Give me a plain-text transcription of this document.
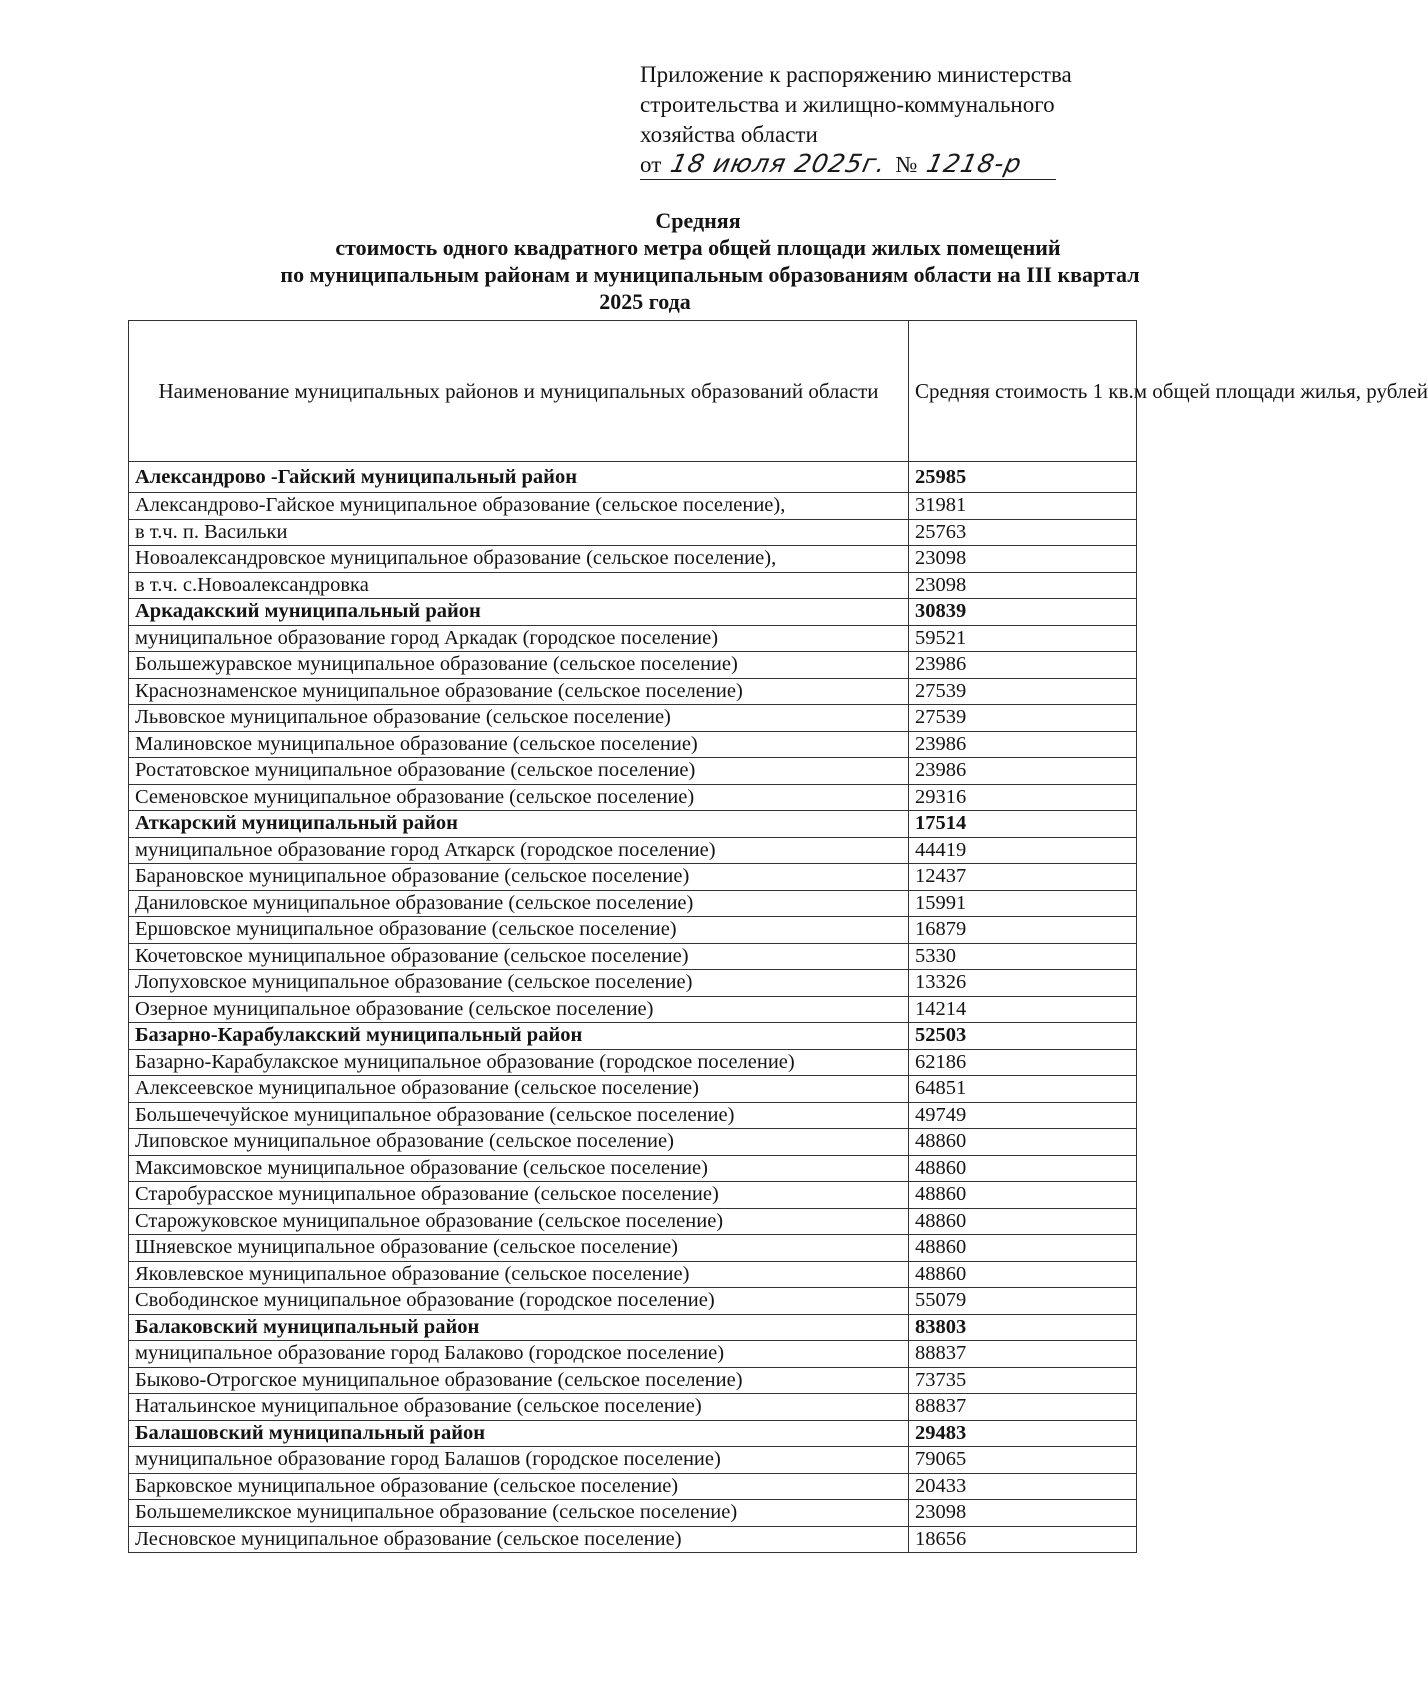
Приложение к распоряжению министерства
строительства и жилищно-коммунального
хозяйства области
от 18 июля 2025г. № 1218-р
Средняя
стоимость одного квадратного метра общей площади жилых помещений
по муниципальным районам и муниципальным образованиям области на III квартал
2025 года
Наименование муниципальных районов и муниципальных образований области	Средняя стоимость 1 кв.м общей площади жилья, рублей
Александрово -Гайский муниципальный район	25985
Александрово-Гайское муниципальное образование (сельское поселение),	31981
в т.ч. п. Васильки	25763
Новоалександровское муниципальное образование (сельское поселение),	23098
в т.ч. с.Новоалександровка	23098
Аркадакский муниципальный район	30839
муниципальное образование город Аркадак (городское поселение)	59521
Большежуравское муниципальное образование (сельское поселение)	23986
Краснознаменское муниципальное образование (сельское поселение)	27539
Львовское муниципальное образование (сельское поселение)	27539
Малиновское муниципальное образование (сельское поселение)	23986
Ростатовское муниципальное образование (сельское поселение)	23986
Семеновское муниципальное образование (сельское поселение)	29316
Аткарский муниципальный район	17514
муниципальное образование город Аткарск (городское поселение)	44419
Барановское муниципальное образование (сельское поселение)	12437
Даниловское муниципальное образование (сельское поселение)	15991
Ершовское муниципальное образование (сельское поселение)	16879
Кочетовское муниципальное образование (сельское поселение)	5330
Лопуховское муниципальное образование (сельское поселение)	13326
Озерное муниципальное образование (сельское поселение)	14214
Базарно-Карабулакский муниципальный район	52503
Базарно-Карабулакское муниципальное образование (городское поселение)	62186
Алексеевское муниципальное образование (сельское поселение)	64851
Большечечуйское муниципальное образование (сельское поселение)	49749
Липовское муниципальное образование (сельское поселение)	48860
Максимовское муниципальное образование (сельское поселение)	48860
Старобурасское муниципальное образование (сельское поселение)	48860
Старожуковское муниципальное образование (сельское поселение)	48860
Шняевское муниципальное образование (сельское поселение)	48860
Яковлевское муниципальное образование (сельское поселение)	48860
Свободинское муниципальное образование (городское поселение)	55079
Балаковский муниципальный район	83803
муниципальное образование город Балаково (городское поселение)	88837
Быково-Отрогское муниципальное образование (сельское поселение)	73735
Натальинское муниципальное образование (сельское поселение)	88837
Балашовский муниципальный район	29483
муниципальное образование город Балашов (городское поселение)	79065
Барковское муниципальное образование (сельское поселение)	20433
Большемеликское муниципальное образование (сельское поселение)	23098
Лесновское муниципальное образование (сельское поселение)	18656
